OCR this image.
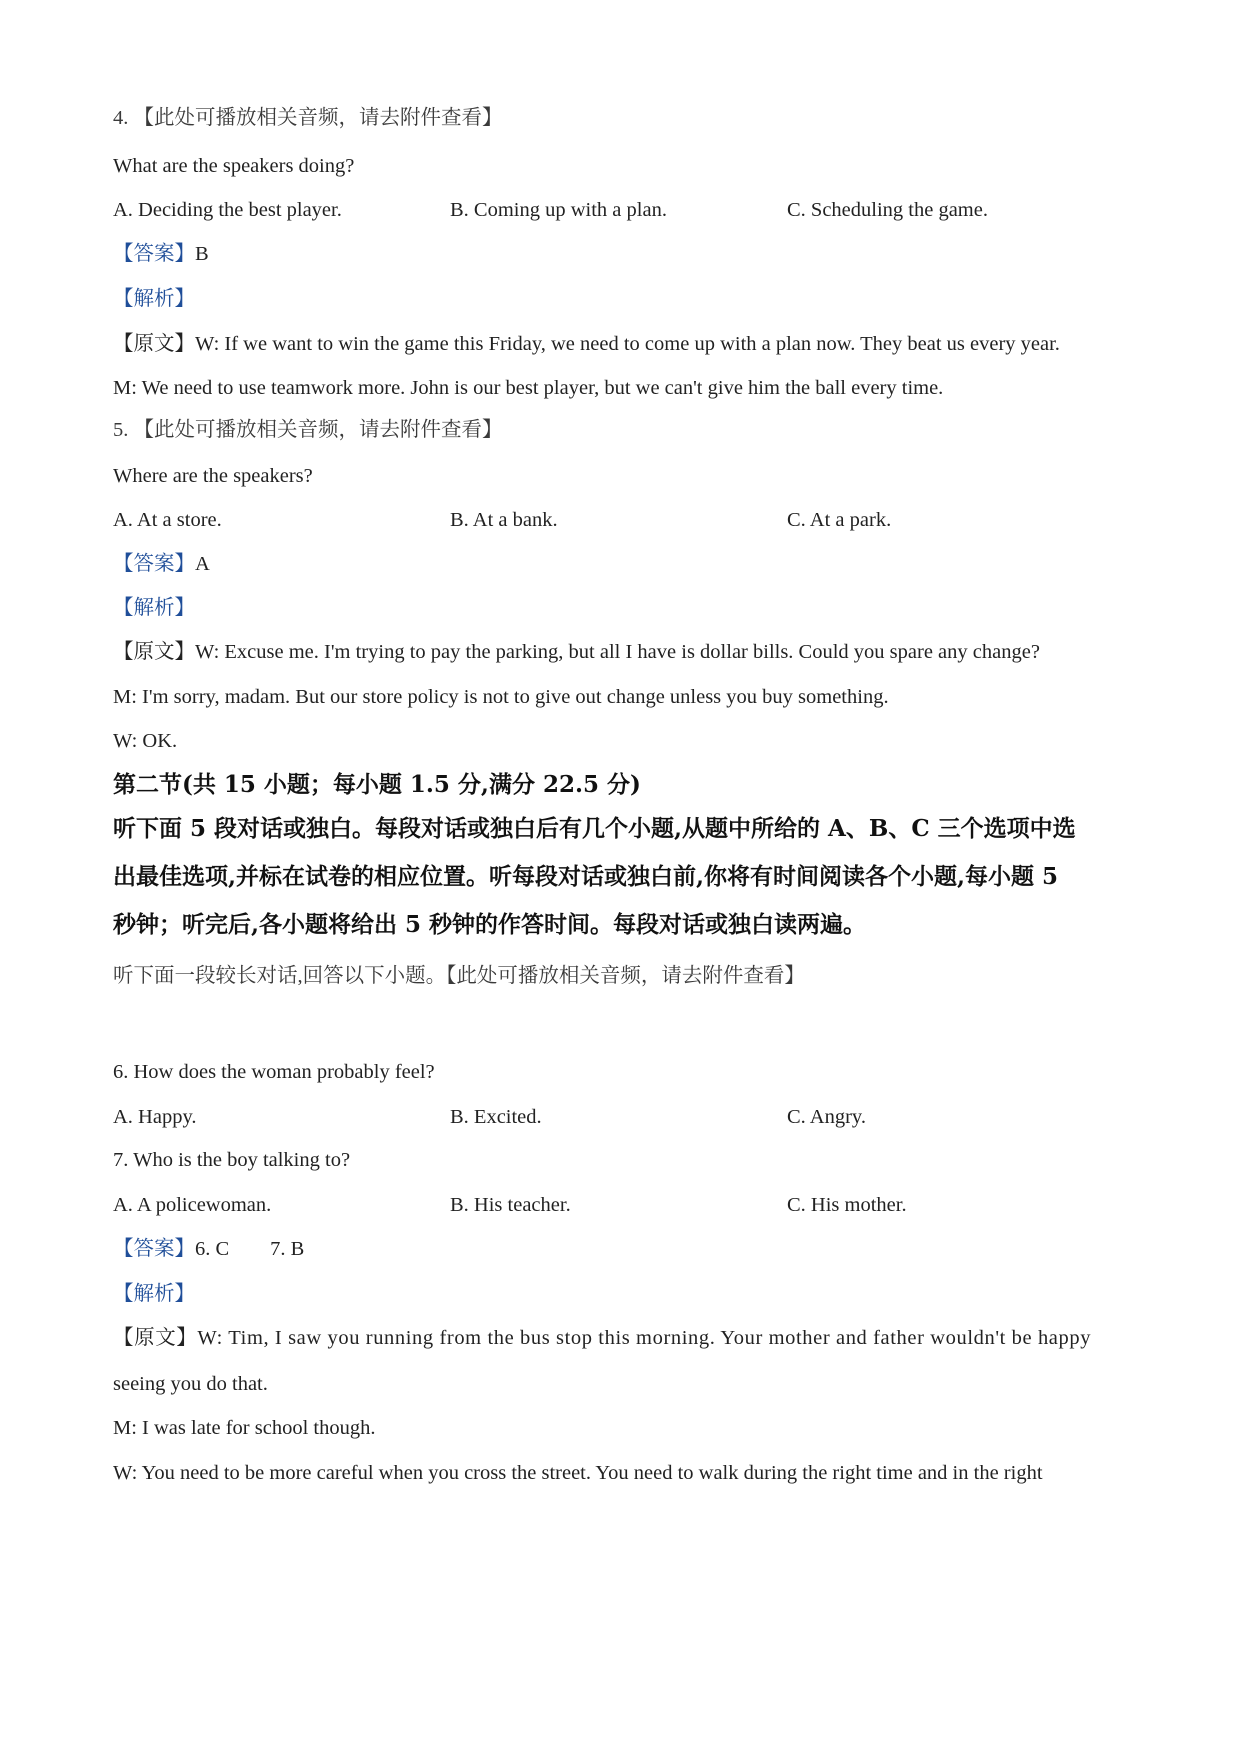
4. 【此处可播放相关音频，请去附件查看】
What are the speakers doing?
A. Deciding the best player.	B. Coming up with a plan.	C. Scheduling the game.
【答案】B
【解析】
【原文】W: If we want to win the game this Friday, we need to come up with a plan now. They beat us every year.
M: We need to use teamwork more. John is our best player, but we can't give him the ball every time.
5. 【此处可播放相关音频，请去附件查看】
Where are the speakers?
A. At a store.	B. At a bank.	C. At a park.
【答案】A
【解析】
【原文】W: Excuse me. I'm trying to pay the parking, but all I have is dollar bills. Could you spare any change?
M: I'm sorry, madam. But our store policy is not to give out change unless you buy something.
W: OK.
第二节(共 15 小题；每小题 1.5 分,满分 22.5 分)
听下面 5 段对话或独白。每段对话或独白后有几个小题,从题中所给的 A、B、C 三个选项中选
出最佳选项,并标在试卷的相应位置。听每段对话或独白前,你将有时间阅读各个小题,每小题 5
秒钟；听完后,各小题将给出 5 秒钟的作答时间。每段对话或独白读两遍。
听下面一段较长对话,回答以下小题。【此处可播放相关音频，请去附件查看】
6. How does the woman probably feel?
A. Happy.	B. Excited.	C. Angry.
7. Who is the boy talking to?
A. A policewoman.	B. His teacher.	C. His mother.
【答案】6. C        7. B
【解析】
【原文】W: Tim, I saw you running from the bus stop this morning. Your mother and father wouldn't be happy
seeing you do that.
M: I was late for school though.
W: You need to be more careful when you cross the street. You need to walk during the right time and in the right
